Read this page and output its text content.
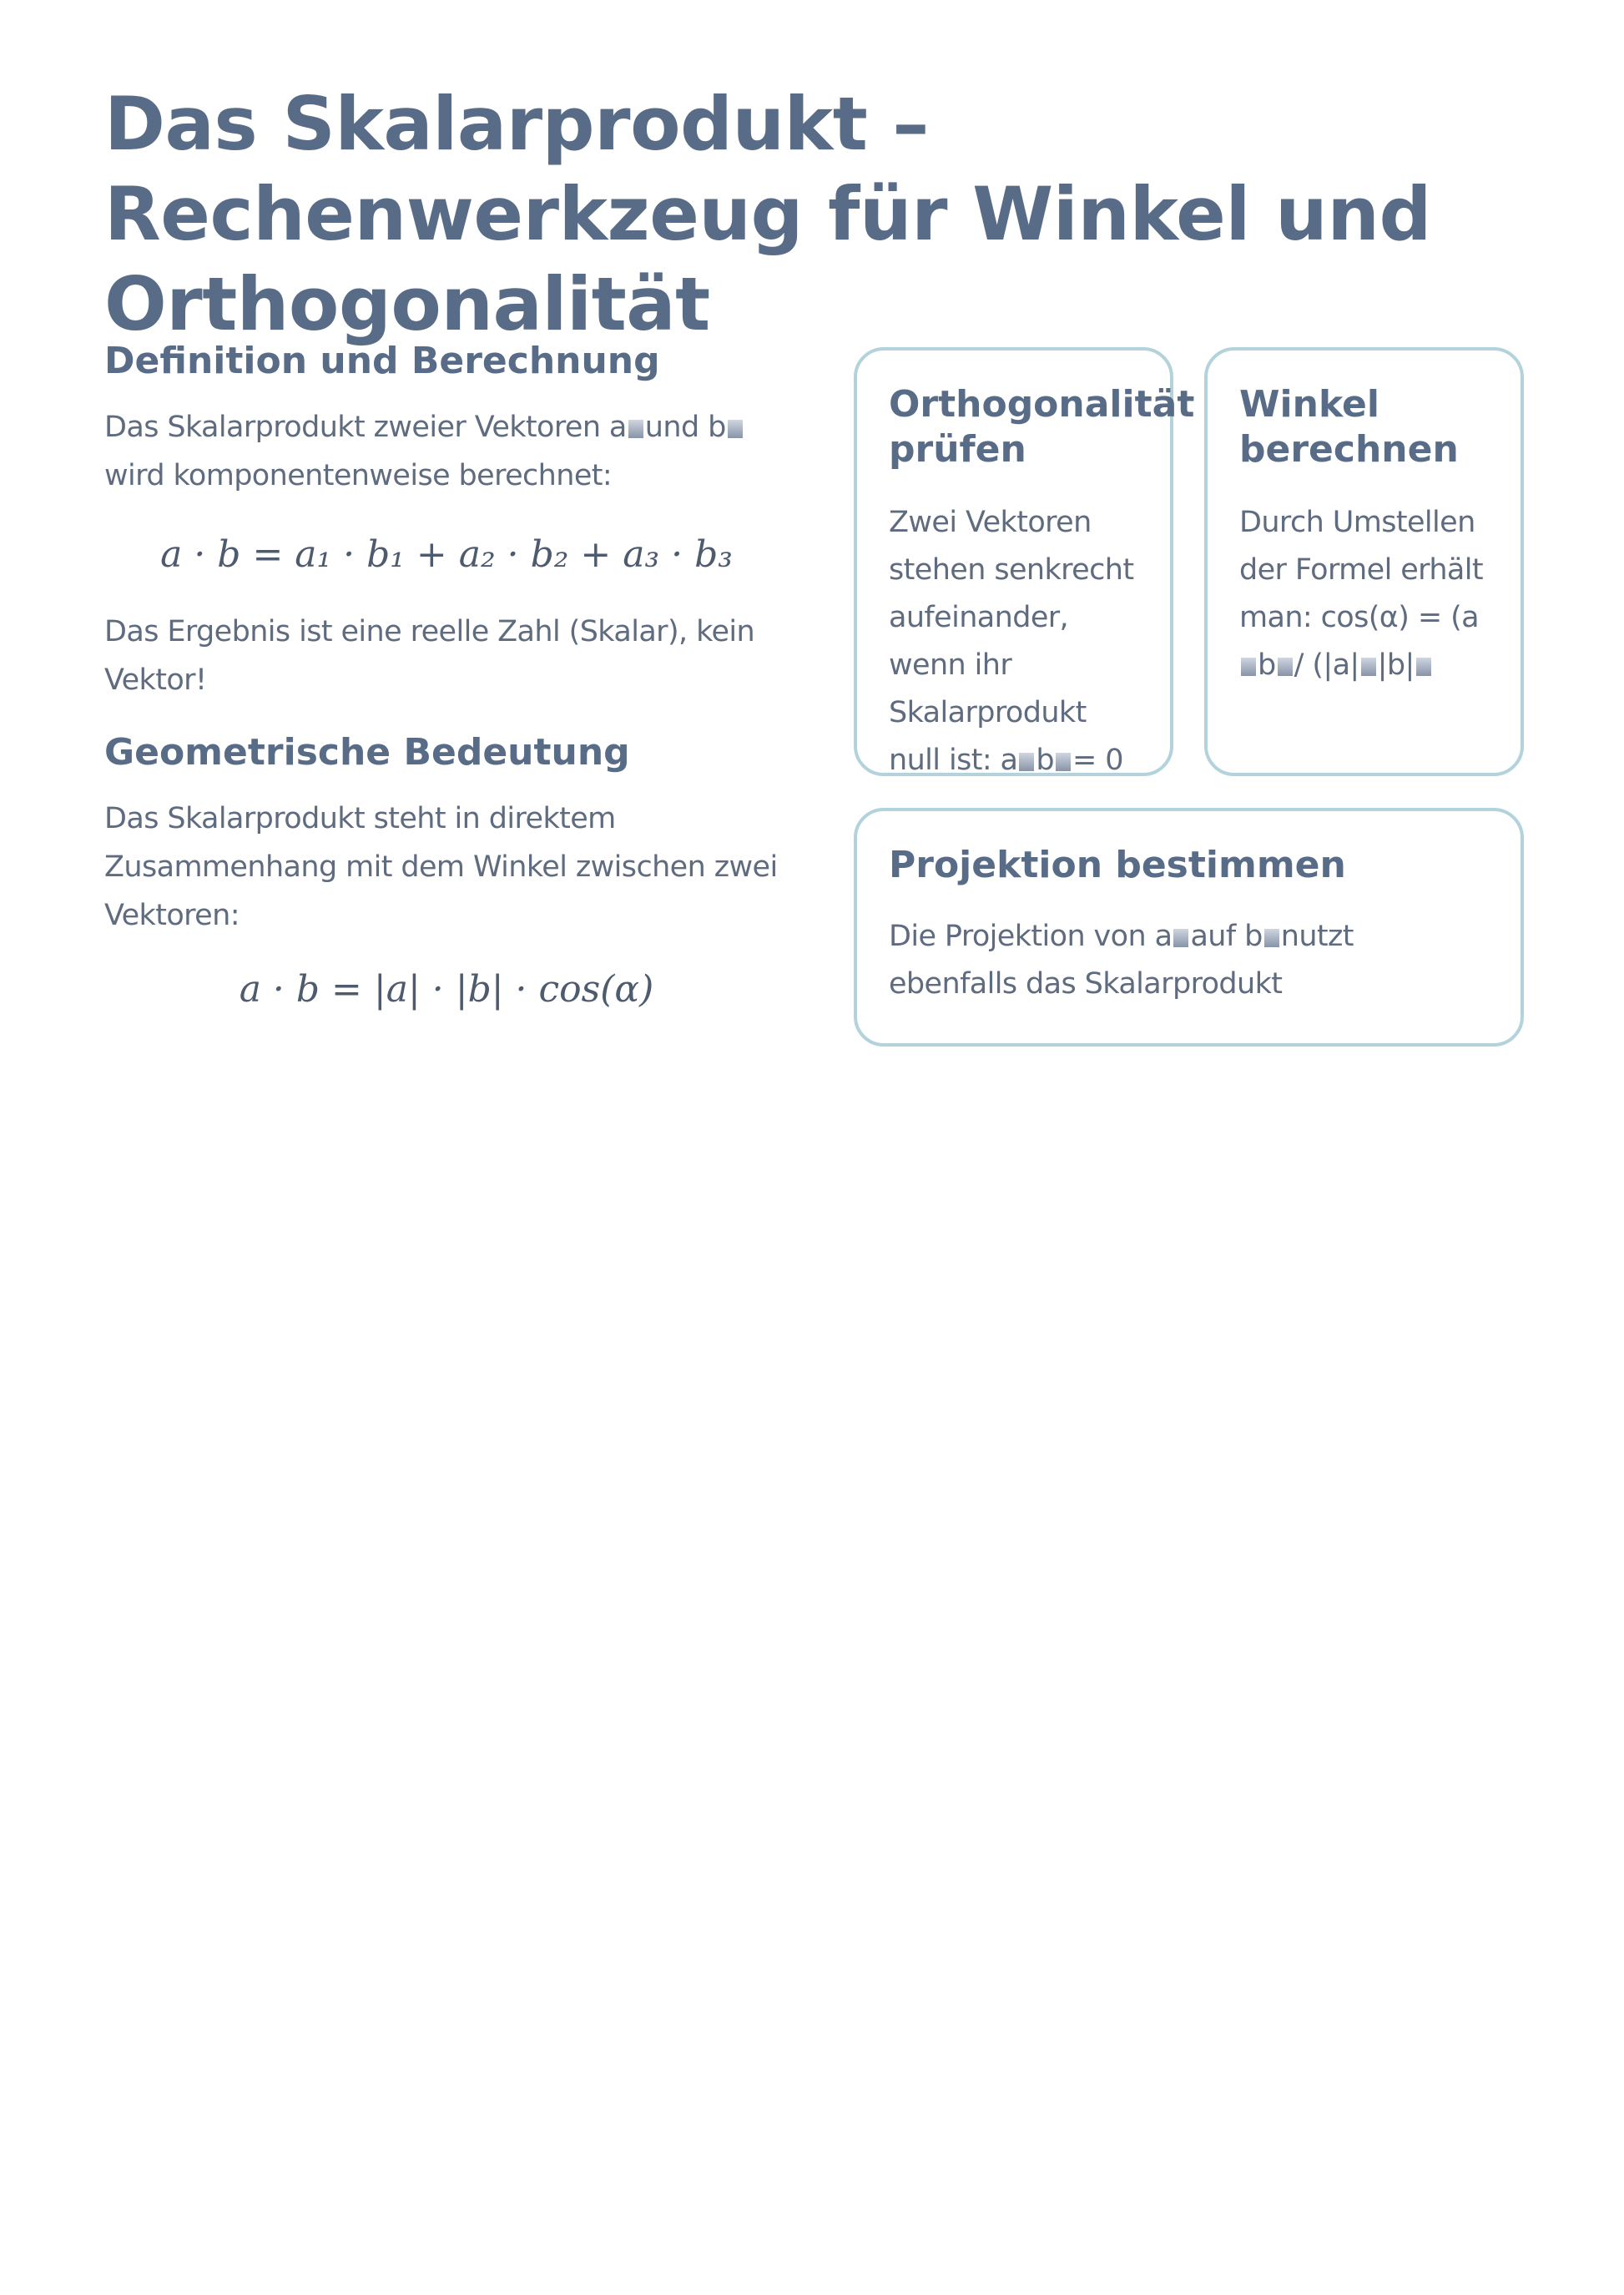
Das Skalarprodukt – Rechenwerkzeug für Winkel und Orthogonalität
Definition und Berechnung

Das Skalarprodukt zweier Vektoren a und bwird komponentenweise berechnet:

a · b = a₁ · b₁ + a₂ · b₂ + a₃ · b₃

Das Ergebnis ist eine reelle Zahl (Skalar), kein Vektor!

Geometrische Bedeutung

Das Skalarprodukt steht in direktem Zusammenhang mit dem Winkel zwischen zwei Vektoren:

a · b = |a| · |b| · cos(α)
Orthogonalität prüfen

Zwei Vektoren stehen senkrecht aufeinander, wenn ihr Skalarprodukt null ist: a b = 0

Winkel berechnen

Durch Umstellen der Formel erhält man: cos(α) = (ab / (|a| |b|

Projektion bestimmen

Die Projektion von a auf b nutzt ebenfalls das Skalarprodukt
